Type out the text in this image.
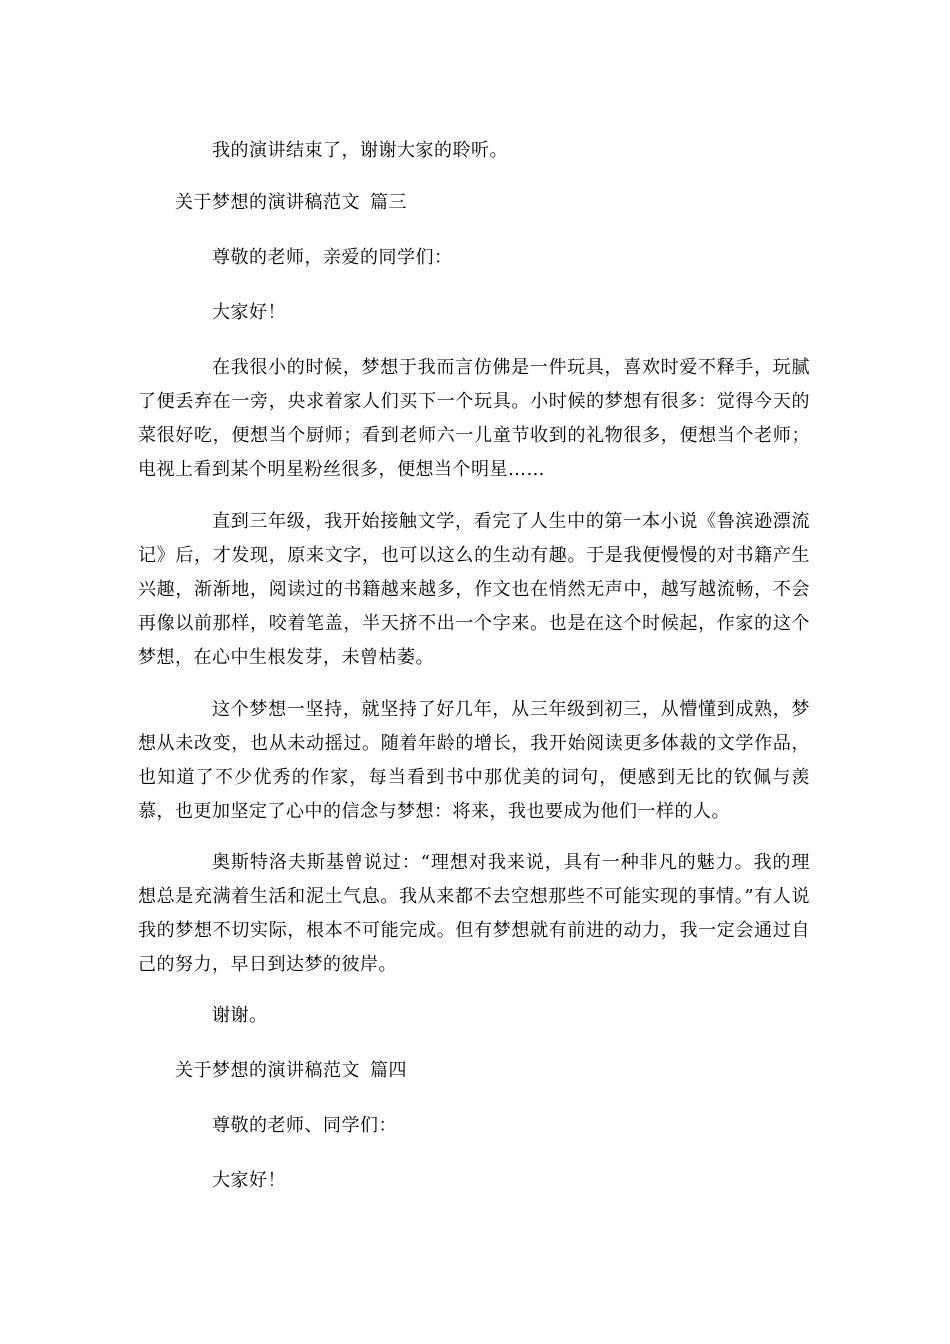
我的演讲结束了，谢谢大家的聆听。

关于梦想的演讲稿范文 篇三

尊敬的老师，亲爱的同学们：

大家好！

在我很小的时候，梦想于我而言仿佛是一件玩具，喜欢时爱不释手，玩腻了便丢弃在一旁，央求着家人们买下一个玩具。小时候的梦想有很多：觉得今天的菜很好吃，便想当个厨师；看到老师六一儿童节收到的礼物很多，便想当个老师；电视上看到某个明星粉丝很多，便想当个明星……

直到三年级，我开始接触文学，看完了人生中的第一本小说《鲁滨逊漂流记》后，才发现，原来文字，也可以这么的生动有趣。于是我便慢慢的对书籍产生兴趣，渐渐地，阅读过的书籍越来越多，作文也在悄然无声中，越写越流畅，不会再像以前那样，咬着笔盖，半天挤不出一个字来。也是在这个时候起，作家的这个梦想，在心中生根发芽，未曾枯萎。

这个梦想一坚持，就坚持了好几年，从三年级到初三，从懵懂到成熟，梦想从未改变，也从未动摇过。随着年龄的增长，我开始阅读更多体裁的文学作品，也知道了不少优秀的作家，每当看到书中那优美的词句，便感到无比的钦佩与羡慕，也更加坚定了心中的信念与梦想：将来，我也要成为他们一样的人。

奥斯特洛夫斯基曾说过：“理想对我来说，具有一种非凡的魅力。我的理想总是充满着生活和泥土气息。我从来都不去空想那些不可能实现的事情。”有人说我的梦想不切实际，根本不可能完成。但有梦想就有前进的动力，我一定会通过自己的努力，早日到达梦的彼岸。

谢谢。

关于梦想的演讲稿范文 篇四

尊敬的老师、同学们：

大家好！
